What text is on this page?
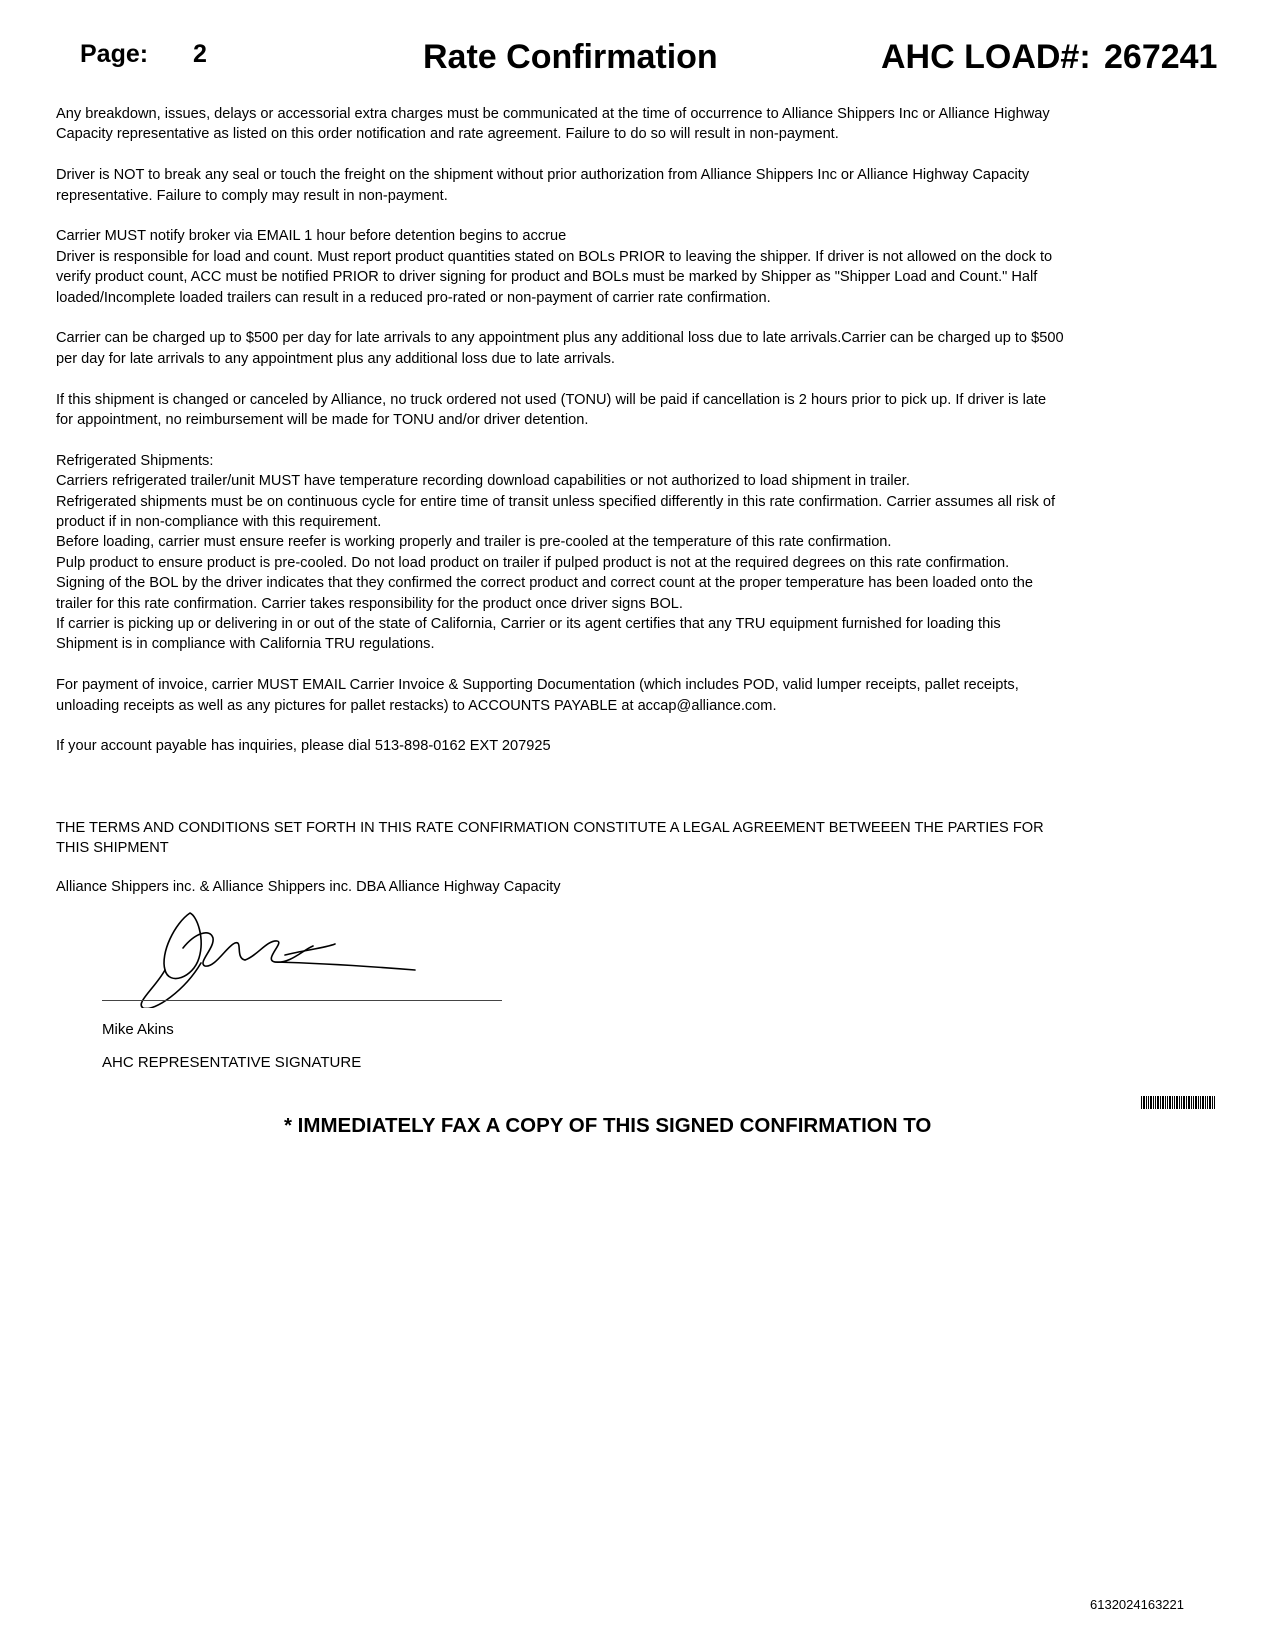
Page: 2	Rate Confirmation	AHC LOAD#: 267241

Any breakdown, issues, delays or accessorial extra charges must be communicated at the time of occurrence to Alliance Shippers Inc or Alliance Highway Capacity representative as listed on this order notification and rate agreement. Failure to do so will result in non-payment.

Driver is NOT to break any seal or touch the freight on the shipment without prior authorization from Alliance Shippers Inc or Alliance Highway Capacity representative. Failure to comply may result in non-payment.

Carrier MUST notify broker via EMAIL 1 hour before detention begins to accrue
Driver is responsible for load and count. Must report product quantities stated on BOLs PRIOR to leaving the shipper. If driver is not allowed on the dock to verify product count, ACC must be notified PRIOR to driver signing for product and BOLs must be marked by Shipper as "Shipper Load and Count." Half loaded/Incomplete loaded trailers can result in a reduced pro-rated or non-payment of carrier rate confirmation.

Carrier can be charged up to $500 per day for late arrivals to any appointment plus any additional loss due to late arrivals.Carrier can be charged up to $500 per day for late arrivals to any appointment plus any additional loss due to late arrivals.

If this shipment is changed or canceled by Alliance, no truck ordered not used (TONU) will be paid if cancellation is 2 hours prior to pick up. If driver is late for appointment, no reimbursement will be made for TONU and/or driver detention.

Refrigerated Shipments:
Carriers refrigerated trailer/unit MUST have temperature recording download capabilities or not authorized to load shipment in trailer.
Refrigerated shipments must be on continuous cycle for entire time of transit unless specified differently in this rate confirmation. Carrier assumes all risk of product if in non-compliance with this requirement.
Before loading, carrier must ensure reefer is working properly and trailer is pre-cooled at the temperature of this rate confirmation.
Pulp product to ensure product is pre-cooled. Do not load product on trailer if pulped product is not at the required degrees on this rate confirmation.
Signing of the BOL by the driver indicates that they confirmed the correct product and correct count at the proper temperature has been loaded onto the trailer for this rate confirmation. Carrier takes responsibility for the product once driver signs BOL.
If carrier is picking up or delivering in or out of the state of California, Carrier or its agent certifies that any TRU equipment furnished for loading this Shipment is in compliance with California TRU regulations.

For payment of invoice, carrier MUST EMAIL Carrier Invoice & Supporting Documentation (which includes POD, valid lumper receipts, pallet receipts, unloading receipts as well as any pictures for pallet restacks) to ACCOUNTS PAYABLE at accap@alliance.com.

If your account payable has inquiries, please dial 513-898-0162 EXT 207925

THE TERMS AND CONDITIONS SET FORTH IN THIS RATE CONFIRMATION CONSTITUTE A LEGAL AGREEMENT BETWEEEN THE PARTIES FOR THIS SHIPMENT

Alliance Shippers inc. & Alliance Shippers inc. DBA Alliance Highway Capacity

Mike Akins
AHC REPRESENTATIVE SIGNATURE
* IMMEDIATELY FAX A COPY OF THIS SIGNED CONFIRMATION TO
6132024163221
